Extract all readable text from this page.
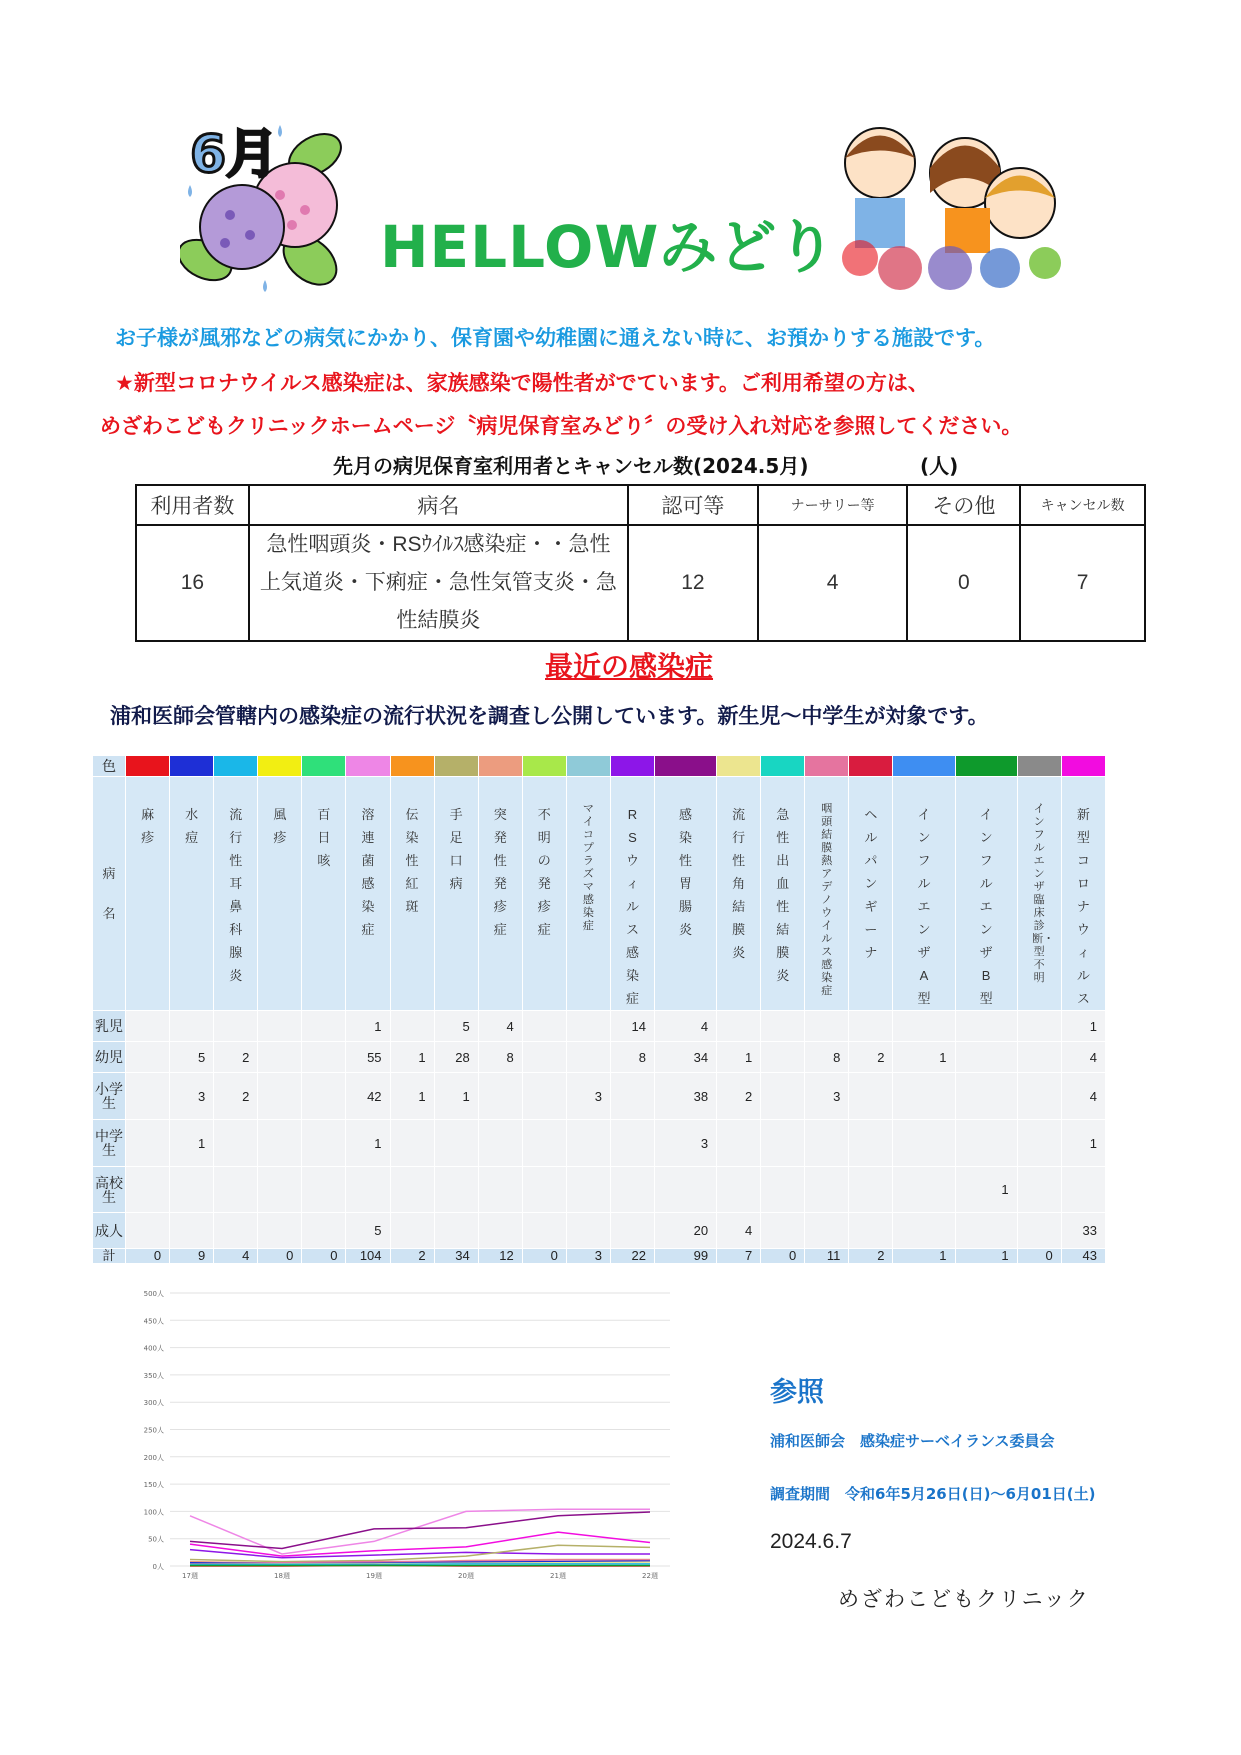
6月
HELLOWみどり
お子様が風邪などの病気にかかり、保育園や幼稚園に通えない時に、お預かりする施設です。
★新型コロナウイルス感染症は、家族感染で陽性者がでています。ご利用希望の方は、
めざわこどもクリニックホームページ〝病児保育室みどり〞の受け入れ対応を参照してください。
先月の病児保育室利用者とキャンセル数(2024.5月)	(人)
利用者数	病名	認可等	ナーサリー等	その他	キャンセル数
16	急性咽頭炎・RSｳｲﾙｽ感染症・・急性上気道炎・下痢症・急性気管支炎・急性結膜炎	12	4	0	7
最近の感染症
浦和医師会管轄内の感染症の流行状況を調査し公開しています。新生児～中学生が対象です。
色																					
病名	麻疹	水痘	流行性耳鼻科腺炎	風疹	百日咳	溶連菌感染症	伝染性紅斑	手足口病	突発性発疹症	不明の発疹症	マイコプラズマ感染症	RSウィルス感染症	感染性胃腸炎	流行性角結膜炎	急性出血性結膜炎	咽頭結膜熱アデノウイルス感染症	ヘルパンギーナ	インフルエンザA型	インフルエンザB型	インフルエンザ臨床診断・型不明	新型コロナウィルス
乳児						1		5	4			14	4								1
幼児		5	2			55	1	28	8			8	34	1		8	2	1			4
小学生		3	2			42	1	1			3		38	2		3					4
中学生		1				1							3								1
高校生																			1		
成人						5							20	4							33
計	0	9	4	0	0	104	2	34	12	0	3	22	99	7	0	11	2	1	1	0	43
0人
50人
100人
150人
200人
250人
300人
350人
400人
450人
500人
17週	18週	19週	20週	21週	22週
参照
浦和医師会　感染症サーベイランス委員会
調査期間　令和6年5月26日(日)～6月01日(土)
2024.6.7
めざわこどもクリニック
